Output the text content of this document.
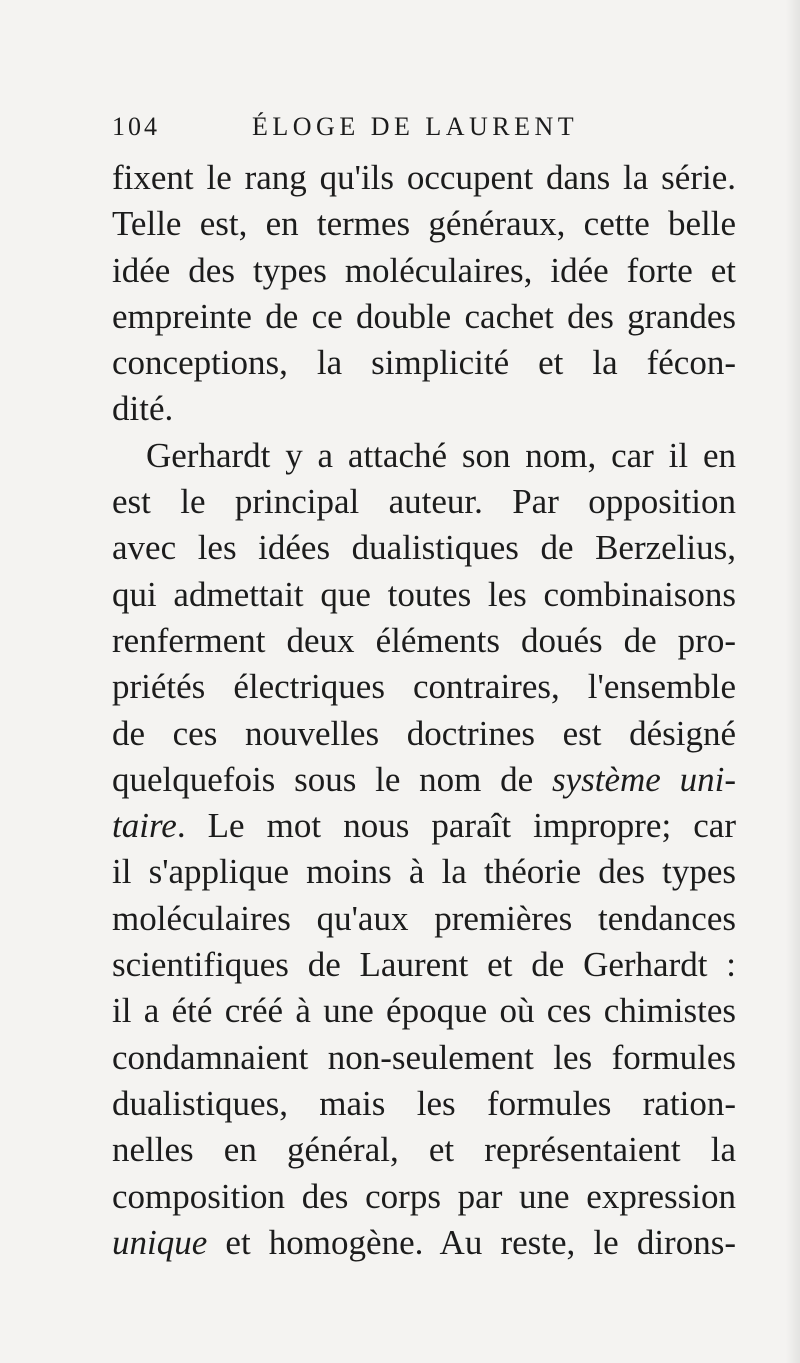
104	ÉLOGE DE LAURENT
fixent le rang qu'ils occupent dans la série.
Telle est, en termes généraux, cette belle
idée des types moléculaires, idée forte et
empreinte de ce double cachet des grandes
conceptions, la simplicité et la fécon-
dité.
Gerhardt y a attaché son nom, car il en
est le principal auteur. Par opposition
avec les idées dualistiques de Berzelius,
qui admettait que toutes les combinaisons
renferment deux éléments doués de pro-
priétés électriques contraires, l'ensemble
de ces nouvelles doctrines est désigné
quelquefois sous le nom de système uni-
taire. Le mot nous paraît impropre; car
il s'applique moins à la théorie des types
moléculaires qu'aux premières tendances
scientifiques de Laurent et de Gerhardt :
il a été créé à une époque où ces chimistes
condamnaient non-seulement les formules
dualistiques, mais les formules ration-
nelles en général, et représentaient la
composition des corps par une expression
unique et homogène. Au reste, le dirons-
